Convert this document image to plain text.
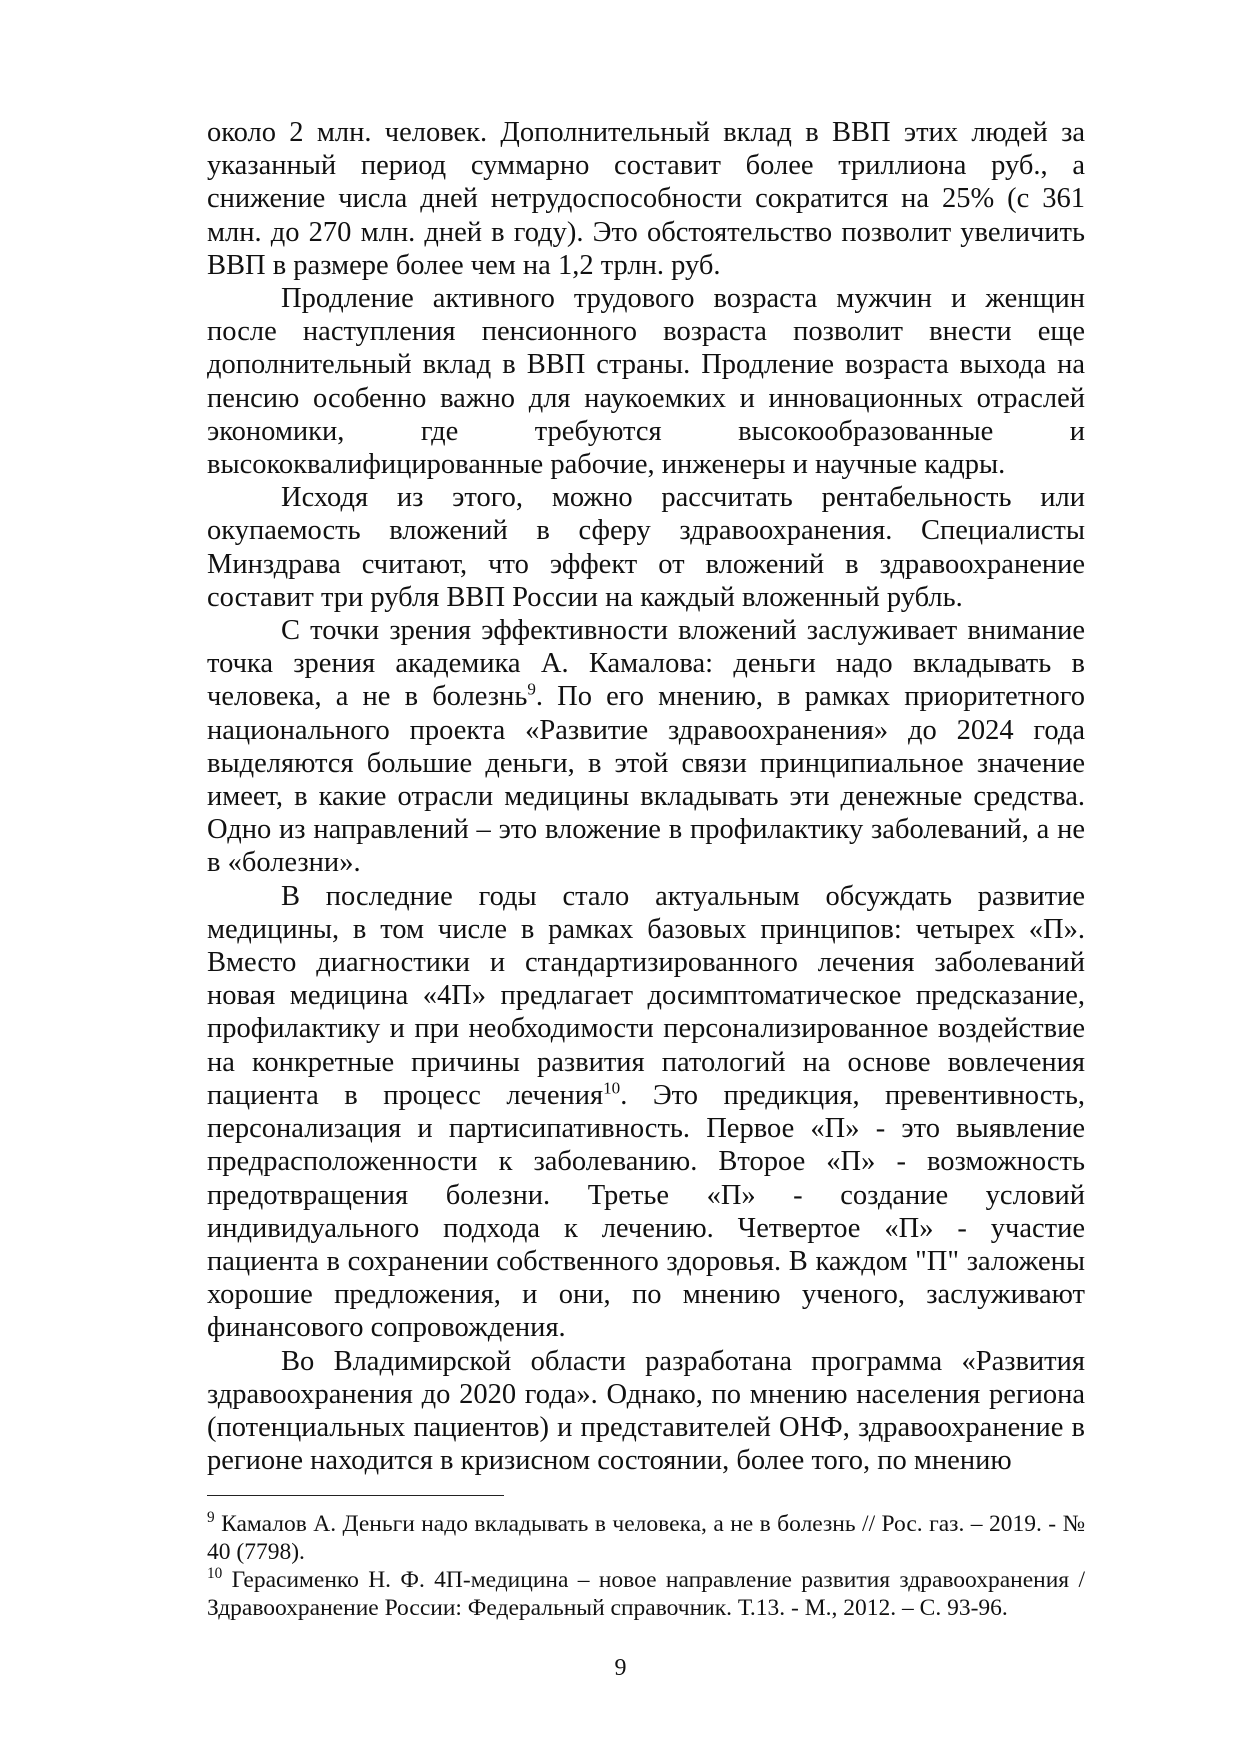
около 2 млн. человек. Дополнительный вклад в ВВП этих людей за указанный период суммарно составит более триллиона руб., а снижение числа дней нетрудоспособности сократится на 25% (с 361 млн. до 270 млн. дней в году). Это обстоятельство позволит увеличить ВВП в размере более чем на 1,2 трлн. руб.

Продление активного трудового возраста мужчин и женщин после наступления пенсионного возраста позволит внести еще дополнительный вклад в ВВП страны. Продление возраста выхода на пенсию особенно важно для наукоемких и инновационных отраслей экономики, где требуются высокообразованные и высококвалифицированные рабочие, инженеры и научные кадры.

Исходя из этого, можно рассчитать рентабельность или окупаемость вложений в сферу здравоохранения. Специалисты Минздрава считают, что эффект от вложений в здравоохранение составит три рубля ВВП России на каждый вложенный рубль.

С точки зрения эффективности вложений заслуживает внимание точка зрения академика А. Камалова: деньги надо вкладывать в человека, а не в болезнь$^9$. По его мнению, в рамках приоритетного национального проекта «Развитие здравоохранения» до 2024 года выделяются большие деньги, в этой связи принципиальное значение имеет, в какие отрасли медицины вкладывать эти денежные средства. Одно из направлений – это вложение в профилактику заболеваний, а не в «болезни».

В последние годы стало актуальным обсуждать развитие медицины, в том числе в рамках базовых принципов: четырех «П». Вместо диагностики и стандартизированного лечения заболеваний новая медицина «4П» предлагает досимптоматическое предсказание, профилактику и при необходимости персонализированное воздействие на конкретные причины развития патологий на основе вовлечения пациента в процесс лечения$^{10}$. Это предикция, превентивность, персонализация и партисипативность. Первое «П» - это выявление предрасположенности к заболеванию. Второе «П» - возможность предотвращения болезни. Третье «П» - создание условий индивидуального подхода к лечению. Четвертое «П» - участие пациента в сохранении собственного здоровья. В каждом "П" заложены хорошие предложения, и они, по мнению ученого, заслуживают финансового сопровождения.

Во Владимирской области разработана программа «Развития здравоохранения до 2020 года». Однако, по мнению населения региона (потенциальных пациентов) и представителей ОНФ, здравоохранение в регионе находится в кризисном состоянии, более того, по мнению

$^9$ Камалов А. Деньги надо вкладывать в человека, а не в болезнь // Рос. газ. – 2019. - № 40 (7798).

$^{10}$ Герасименко Н. Ф. 4П-медицина – новое направление развития здравоохранения / Здравоохранение России: Федеральный справочник. Т.13. - М., 2012. – С. 93-96.

9
